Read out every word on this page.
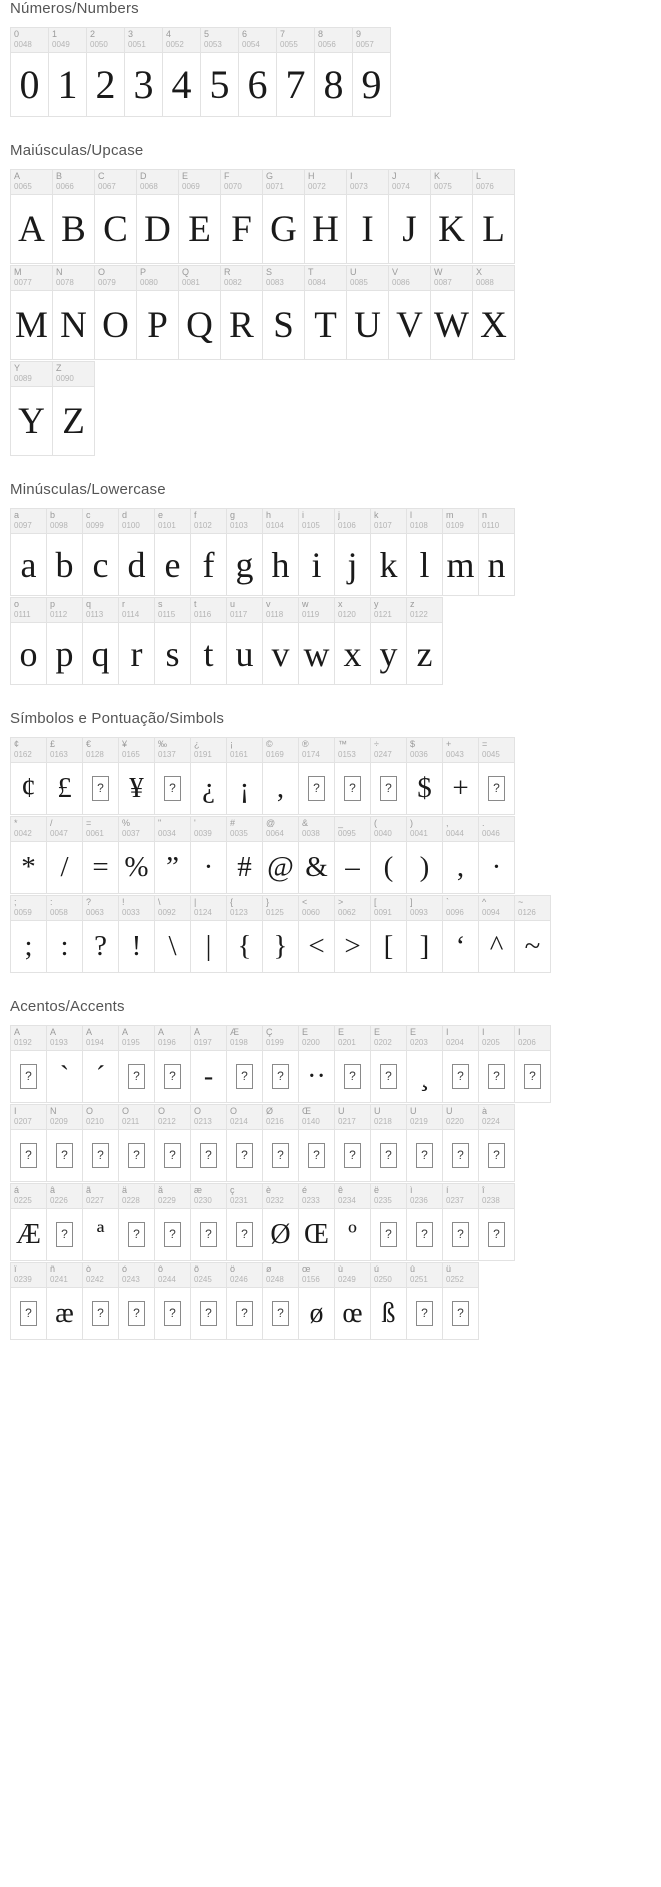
Números/Numbers
0
0048
0
1
0049
1
2
0050
2
3
0051
3
4
0052
4
5
0053
5
6
0054
6
7
0055
7
8
0056
8
9
0057
9
Maiúsculas/Upcase
A
0065
A
B
0066
B
C
0067
C
D
0068
D
E
0069
E
F
0070
F
G
0071
G
H
0072
H
I
0073
I
J
0074
J
K
0075
K
L
0076
L
M
0077
M
N
0078
N
O
0079
O
P
0080
P
Q
0081
Q
R
0082
R
S
0083
S
T
0084
T
U
0085
U
V
0086
V
W
0087
W
X
0088
X
Y
0089
Y
Z
0090
Z
Minúsculas/Lowercase
a
0097
a
b
0098
b
c
0099
c
d
0100
d
e
0101
e
f
0102
f
g
0103
g
h
0104
h
i
0105
i
j
0106
j
k
0107
k
l
0108
l
m
0109
m
n
0110
n
o
0111
o
p
0112
p
q
0113
q
r
0114
r
s
0115
s
t
0116
t
u
0117
u
v
0118
v
w
0119
w
x
0120
x
y
0121
y
z
0122
z
Símbolos e Pontuação/Simbols
¢
0162
¢
£
0163
£
€
0128
?
¥
0165
¥
‰
0137
?
¿
0191
¿
¡
0161
¡
©
0169
,
®
0174
?
™
0153
?
÷
0247
?
$
0036
$
+
0043
+
=
0045
?
*
0042
*
/
0047
/
=
0061
=
%
0037
%
"
0034
”
'
0039
·
#
0035
#
@
0064
@
&
0038
&
_
0095
–
(
0040
(
)
0041
)
,
0044
,
.
0046
·
;
0059
;
:
0058
:
?
0063
?
!
0033
!
\
0092
\
|
0124
|
{
0123
{
}
0125
}
<
0060
<
>
0062
>
[
0091
[
]
0093
]
`
0096
‘
^
0094
^
~
0126
~
Acentos/Accents
À
0192
?
Á
0193
`
Â
0194
´
Ã
0195
?
Ä
0196
?
Å
0197
-
Æ
0198
?
Ç
0199
?
È
0200
··
É
0201
?
Ê
0202
?
Ë
0203
¸
Ì
0204
?
Í
0205
?
Î
0206
?
Ï
0207
?
Ñ
0209
?
Ò
0210
?
Ó
0211
?
Ô
0212
?
Õ
0213
?
Ö
0214
?
Ø
0216
?
Œ
0140
?
Ù
0217
?
Ú
0218
?
Û
0219
?
Ü
0220
?
à
0224
?
á
0225
Æ
â
0226
?
ã
0227
ª
ä
0228
?
å
0229
?
æ
0230
?
ç
0231
?
è
0232
Ø
é
0233
Œ
ê
0234
º
ë
0235
?
ì
0236
?
í
0237
?
î
0238
?
ï
0239
?
ñ
0241
æ
ò
0242
?
ó
0243
?
ô
0244
?
õ
0245
?
ö
0246
?
ø
0248
?
œ
0156
ø
ù
0249
œ
ú
0250
ß
û
0251
?
ü
0252
?
